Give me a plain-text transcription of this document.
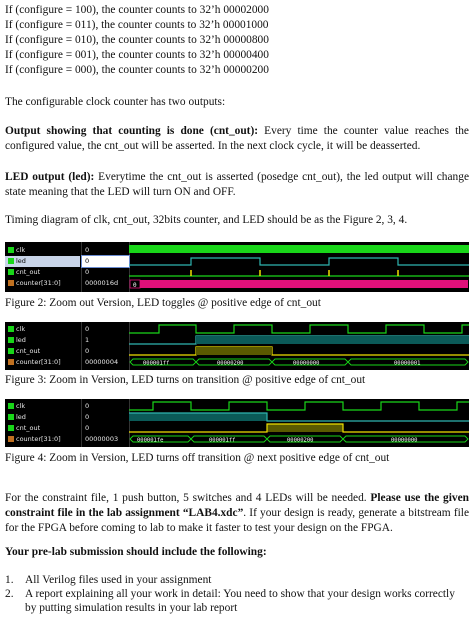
If (configure = 100), the counter counts to 32’h 00002000
If (configure = 011), the counter counts to 32’h 00001000
If (configure = 010), the counter counts to 32’h 00000800
If (configure = 001), the counter counts to 32’h 00000400
If (configure = 000), the counter counts to 32’h 00000200
The configurable clock counter has two outputs:
Output showing that counting is done (cnt_out): Every time the counter value reaches the configured value, the cnt_out will be asserted. In the next clock cycle, it will be deasserted.
LED output (led): Everytime the cnt_out is asserted (posedge cnt_out), the led output will change state meaning that the LED will turn ON and OFF.
Timing diagram of clk, cnt_out, 32bits counter, and LED should be as the Figure 2, 3, 4.
clk
led
cnt_out
counter[31:0]
0
0
0
0000016d	0
Figure 2: Zoom out Version, LED toggles @ positive edge of cnt_out
clk
led
cnt_out
counter[31:0]
0
1
0
00000004	000001ff	00000200	00000000	00000001
Figure 3: Zoom in Version, LED turns on transition @ positive edge of cnt_out
clk
led
cnt_out
counter[31:0]
0
0
0
00000003	000001fe	000001ff	00000200	00000000
Figure 4: Zoom in Version, LED turns off transition @ next positive edge of cnt_out
For the constraint file, 1 push button, 5 switches and 4 LEDs will be needed. Please use the given constraint file in the lab assignment “LAB4.xdc”. If your design is ready, generate a bitstream file for the FPGA before coming to lab to make it faster to test your design on the FPGA.
Your pre-lab submission should include the following:
1. All Verilog files used in your assignment
2. A report explaining all your work in detail: You need to show that your design works correctly by putting simulation results in your lab report
